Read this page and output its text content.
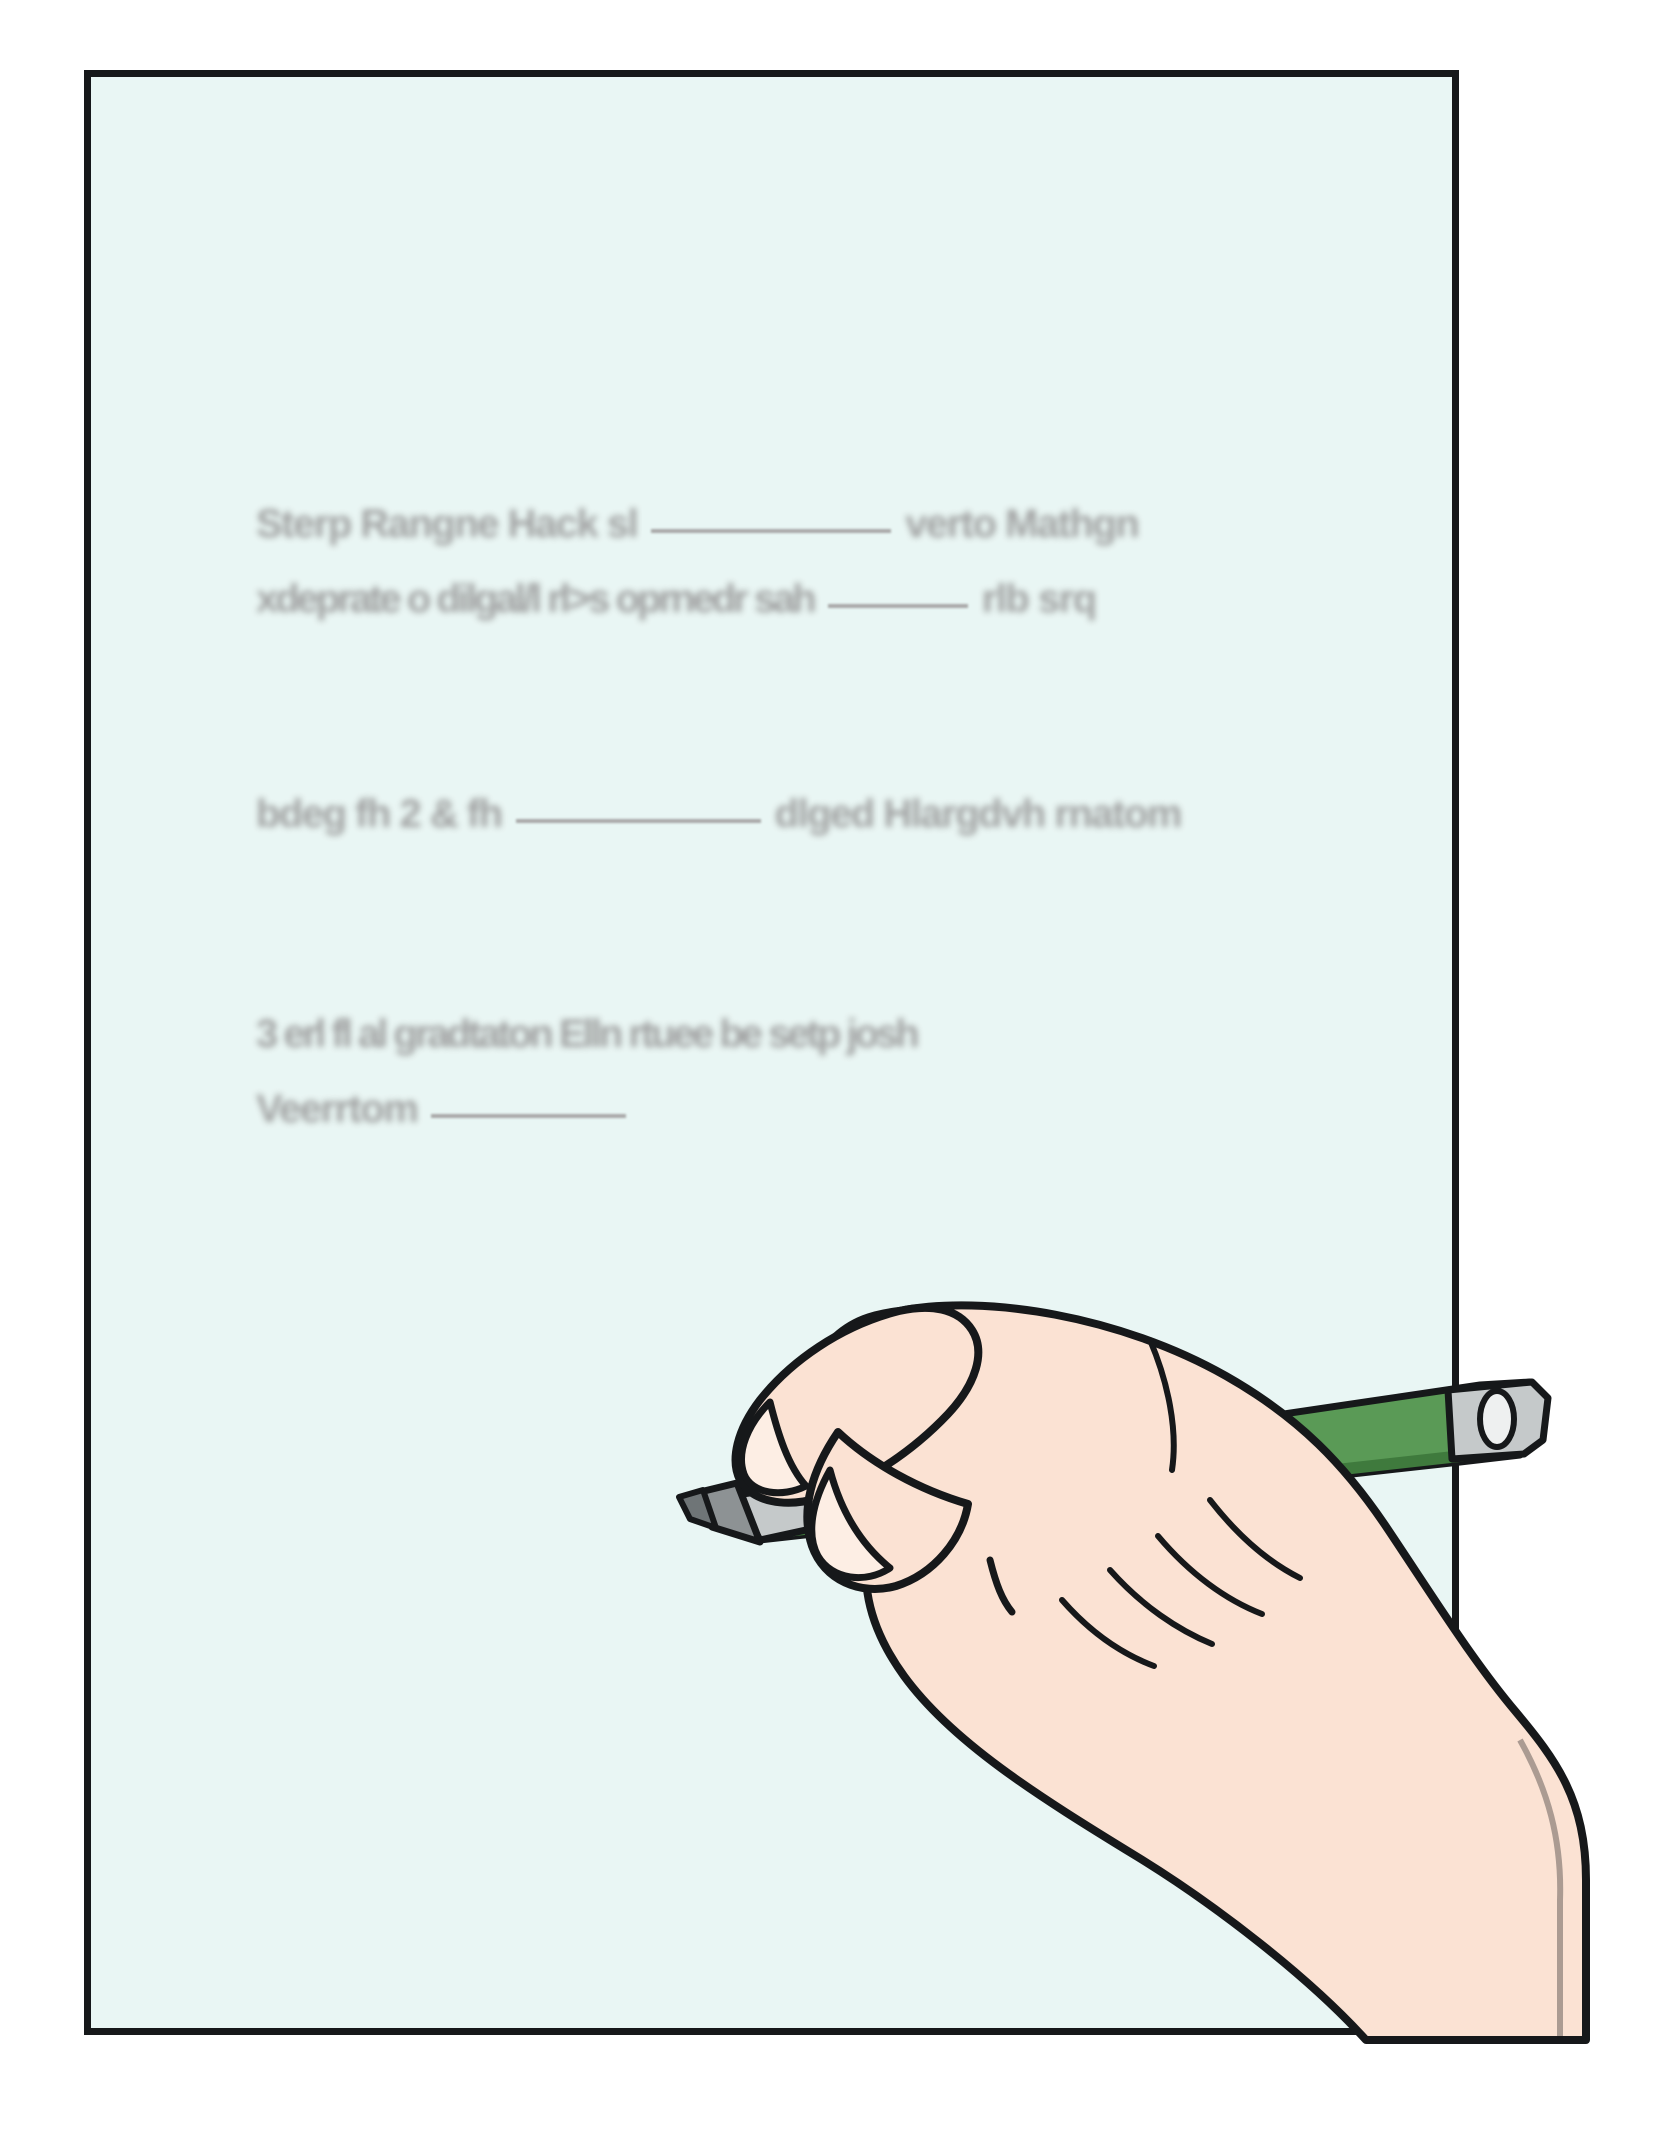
Sterp Rangne Hack sl	verto Mathgn
xdeprate o dilgal/l rl>s oprnedr sah	rlb srq
bdeg fh 2 & fh	dlged Hlargdvh rnatom
3 erl fl al gradtaton Elln rtuee be setp josh
Veerrtom
